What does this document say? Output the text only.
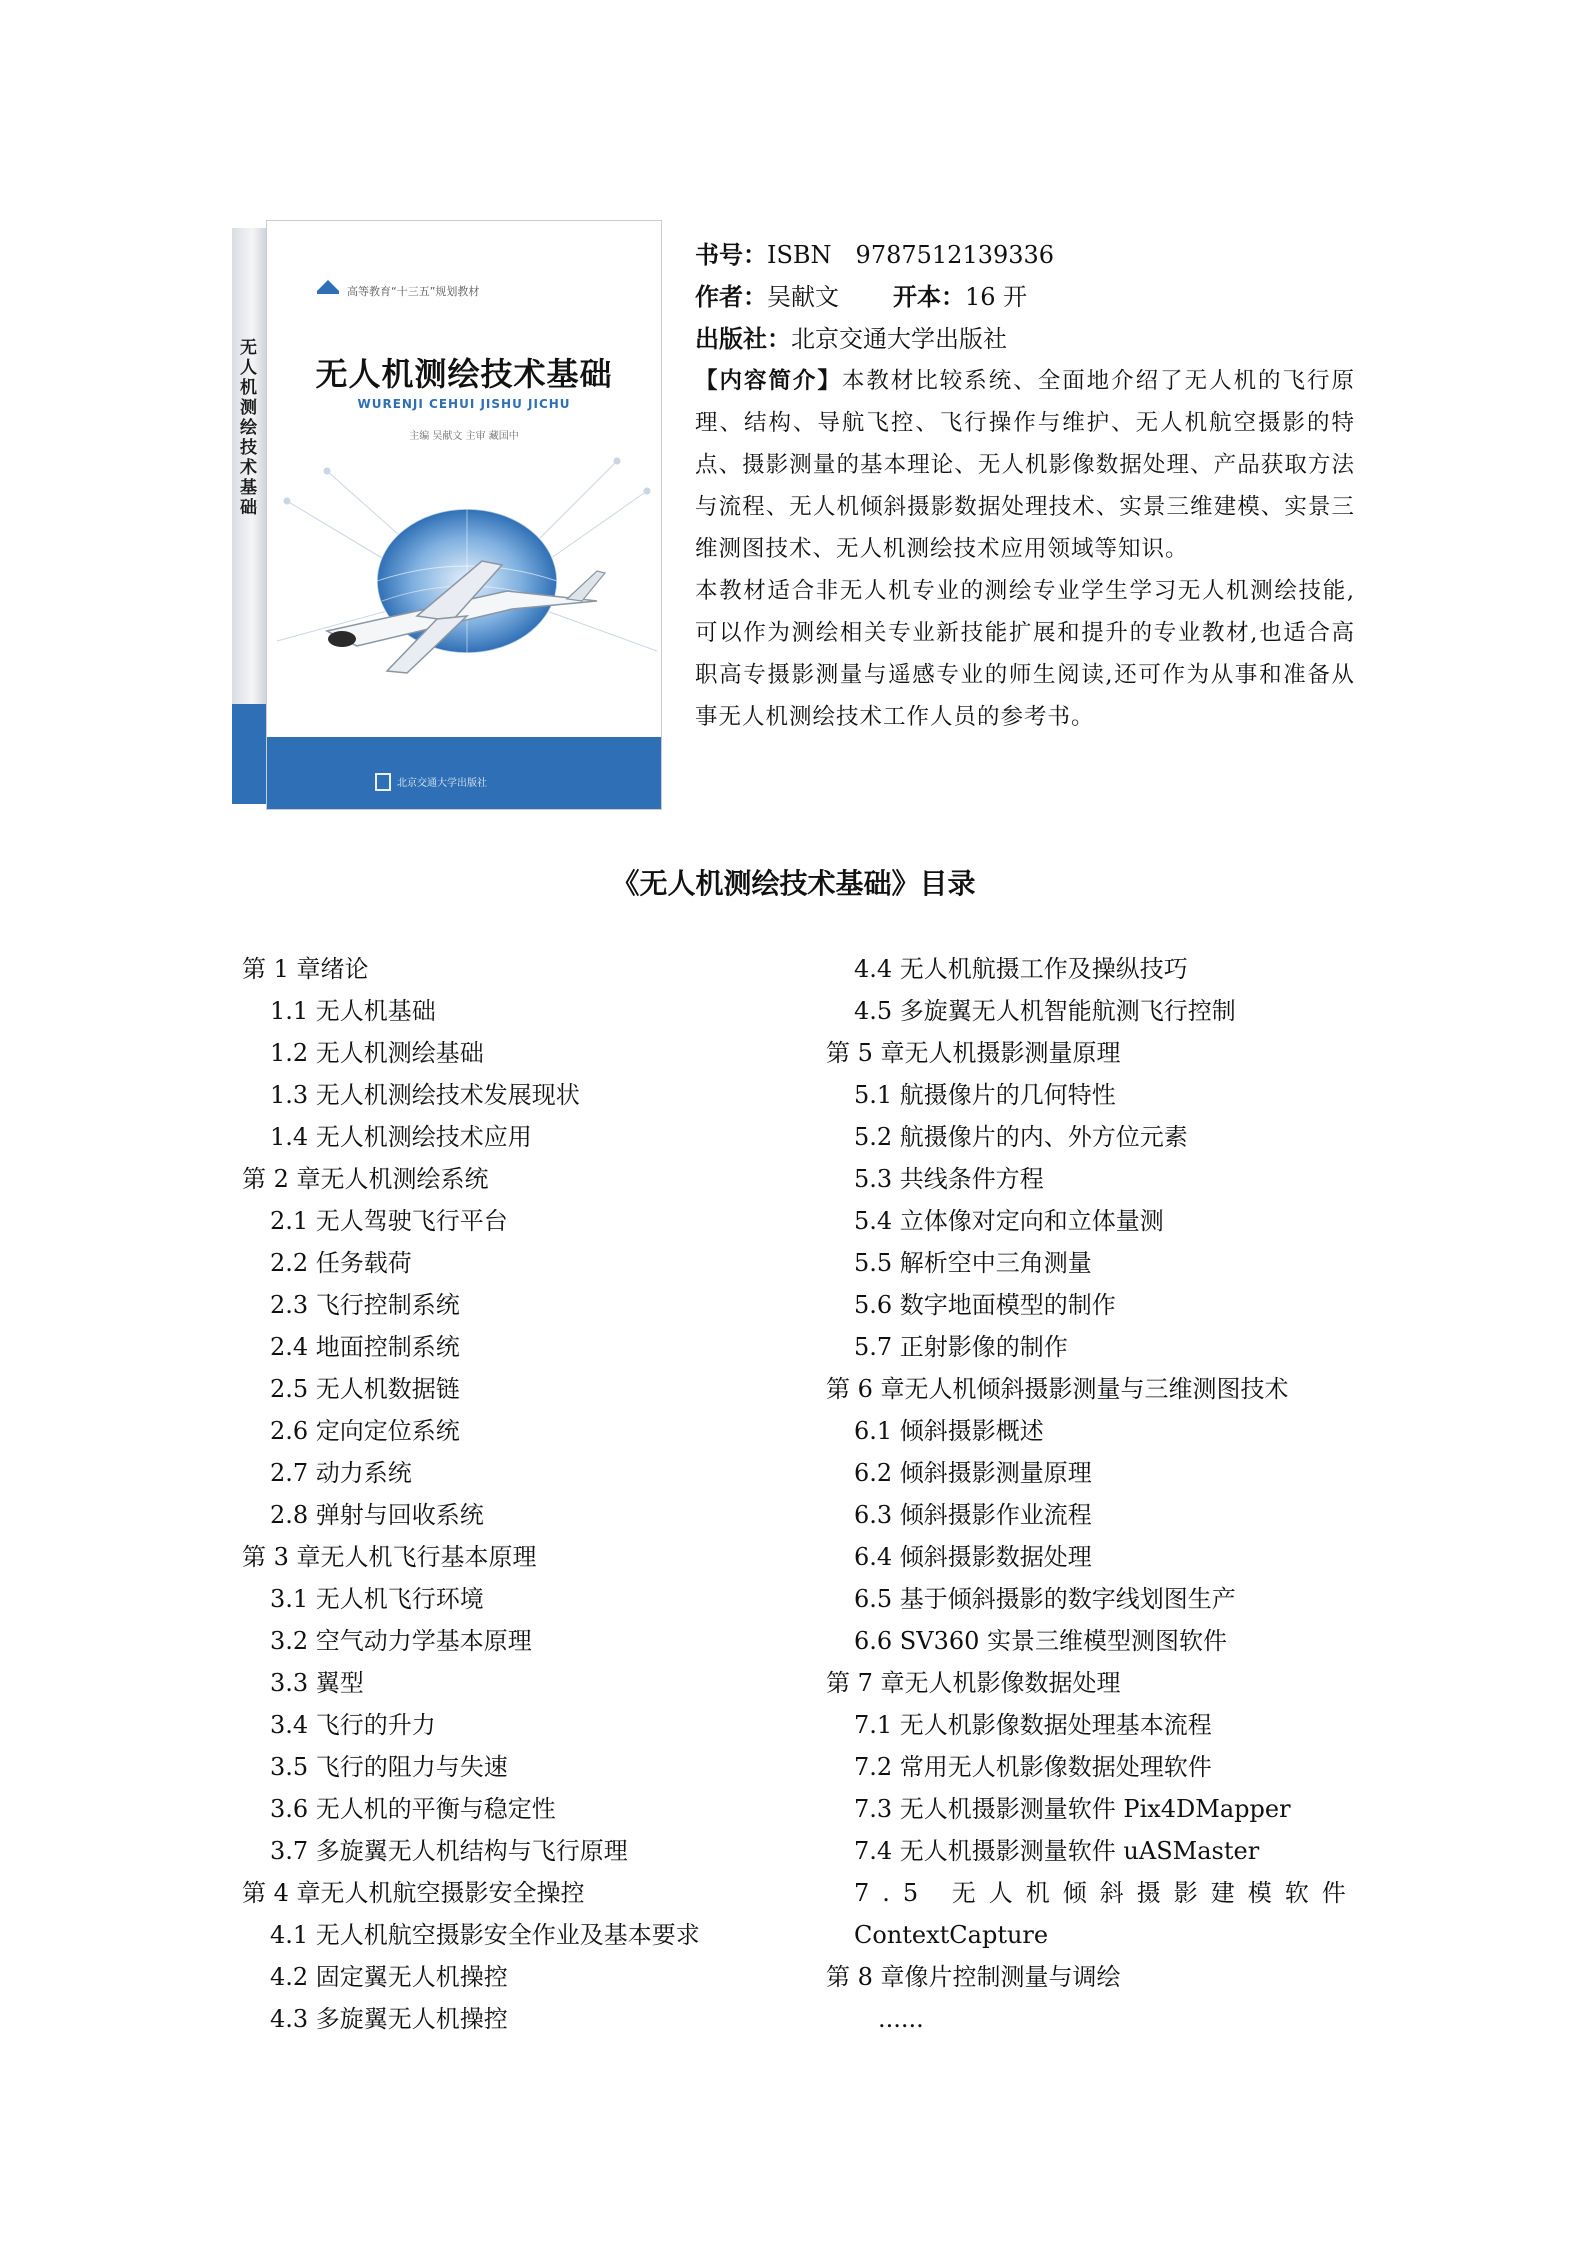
无人机测绘技术基础
高等教育“十三五”规划教材
无人机测绘技术基础
WURENJI CEHUI JISHU JICHU
主编 吴献文 主审 藏国中
北京交通大学出版社
书号：ISBN　9787512139336
作者：吴献文 开本：16 开
出版社：北京交通大学出版社
【内容简介】本教材比较系统、全面地介绍了无人机的飞行原理、结构、导航飞控、飞行操作与维护、无人机航空摄影的特点、摄影测量的基本理论、无人机影像数据处理、产品获取方法与流程、无人机倾斜摄影数据处理技术、实景三维建模、实景三维测图技术、无人机测绘技术应用领域等知识。
本教材适合非无人机专业的测绘专业学生学习无人机测绘技能,可以作为测绘相关专业新技能扩展和提升的专业教材,也适合高职高专摄影测量与遥感专业的师生阅读,还可作为从事和准备从事无人机测绘技术工作人员的参考书。
《无人机测绘技术基础》目录
第 1 章绪论
1.1 无人机基础
1.2 无人机测绘基础
1.3 无人机测绘技术发展现状
1.4 无人机测绘技术应用
第 2 章无人机测绘系统
2.1 无人驾驶飞行平台
2.2 任务载荷
2.3 飞行控制系统
2.4 地面控制系统
2.5 无人机数据链
2.6 定向定位系统
2.7 动力系统
2.8 弹射与回收系统
第 3 章无人机飞行基本原理
3.1 无人机飞行环境
3.2 空气动力学基本原理
3.3 翼型
3.4 飞行的升力
3.5 飞行的阻力与失速
3.6 无人机的平衡与稳定性
3.7 多旋翼无人机结构与飞行原理
第 4 章无人机航空摄影安全操控
4.1 无人机航空摄影安全作业及基本要求
4.2 固定翼无人机操控
4.3 多旋翼无人机操控
4.4 无人机航摄工作及操纵技巧
4.5 多旋翼无人机智能航测飞行控制
第 5 章无人机摄影测量原理
5.1 航摄像片的几何特性
5.2 航摄像片的内、外方位元素
5.3 共线条件方程
5.4 立体像对定向和立体量测
5.5 解析空中三角测量
5.6 数字地面模型的制作
5.7 正射影像的制作
第 6 章无人机倾斜摄影测量与三维测图技术
6.1 倾斜摄影概述
6.2 倾斜摄影测量原理
6.3 倾斜摄影作业流程
6.4 倾斜摄影数据处理
6.5 基于倾斜摄影的数字线划图生产
6.6 SV360 实景三维模型测图软件
第 7 章无人机影像数据处理
7.1 无人机影像数据处理基本流程
7.2 常用无人机影像数据处理软件
7.3 无人机摄影测量软件 Pix4DMapper
7.4 无人机摄影测量软件 uASMaster
7.5 无人机倾斜摄影建模软件
ContextCapture
第 8 章像片控制测量与调绘
......
